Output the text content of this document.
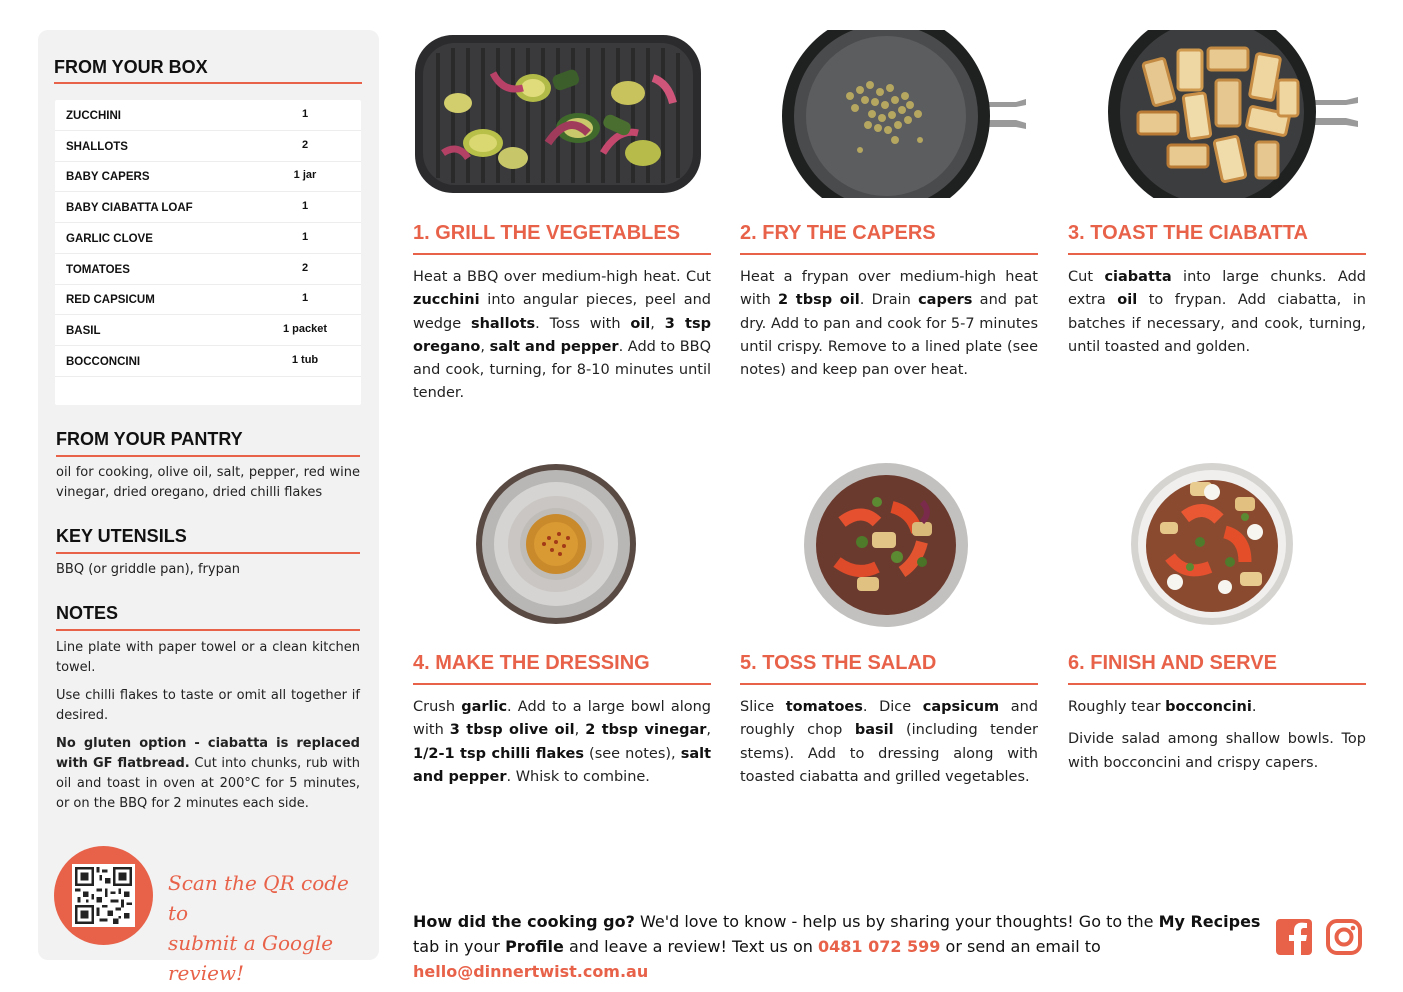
FROM YOUR BOX
ZUCCHINI	1
SHALLOTS	2
BABY CAPERS	1 jar
BABY CIABATTA LOAF	1
GARLIC CLOVE	1
TOMATOES	2
RED CAPSICUM	1
BASIL	1 packet
BOCCONCINI	1 tub
FROM YOUR PANTRY
oil for cooking, olive oil, salt, pepper, red wine vinegar, dried oregano, dried chilli flakes
KEY UTENSILS
BBQ (or griddle pan), frypan
NOTES
Line plate with paper towel or a clean kitchen towel.
Use chilli flakes to taste or omit all together if desired.
No gluten option - ciabatta is replaced with GF flatbread. Cut into chunks, rub with oil and toast in oven at 200°C for 5 minutes, or on the BBQ for 2 minutes each side.
Scan the QR code to
submit a Google review!
1. GRILL THE VEGETABLES

Heat a BBQ over medium-high heat. Cut zucchini into angular pieces, peel and wedge shallots. Toss with oil, 3 tsp oregano, salt and pepper. Add to BBQ and cook, turning, for 8-10 minutes until tender.

2. FRY THE CAPERS

Heat a frypan over medium-high heat with 2 tbsp oil. Drain capers and pat dry. Add to pan and cook for 5-7 minutes until crispy. Remove to a lined plate (see notes) and keep pan over heat.

3. TOAST THE CIABATTA

Cut ciabatta into large chunks. Add extra oil to frypan. Add ciabatta, in batches if necessary, and cook, turning, until toasted and golden.

4. MAKE THE DRESSING

Crush garlic. Add to a large bowl along with 3 tbsp olive oil, 2 tbsp vinegar, 1/2-1 tsp chilli flakes (see notes), salt and pepper. Whisk to combine.

5. TOSS THE SALAD

Slice tomatoes. Dice capsicum and roughly chop basil (including tender stems). Add to dressing along with toasted ciabatta and grilled vegetables.

6. FINISH AND SERVE

Roughly tear bocconcini.

Divide salad among shallow bowls. Top with bocconcini and crispy capers.

How did the cooking go? We'd love to know - help us by sharing your thoughts! Go to the My Recipes tab in your Profile and leave a review! Text us on 0481 072 599 or send an email to hello@dinnertwist.com.au
